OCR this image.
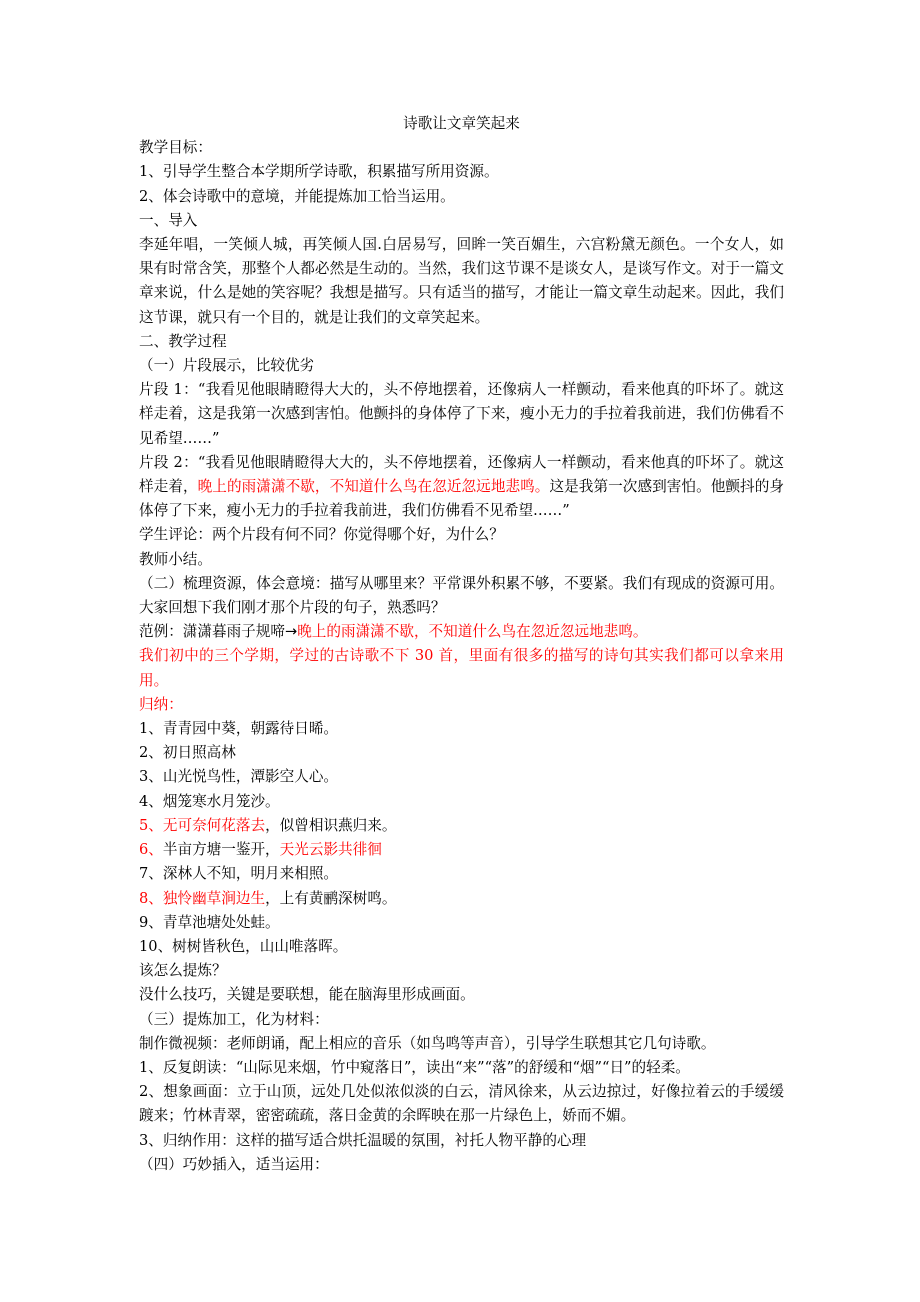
诗歌让文章笑起来

教学目标：

1、引导学生整合本学期所学诗歌，积累描写所用资源。

2、体会诗歌中的意境，并能提炼加工恰当运用。

一、导入

李延年唱，一笑倾人城，再笑倾人国.白居易写，回眸一笑百媚生，六宫粉黛无颜色。一个女人，如果有时常含笑，那整个人都必然是生动的。当然，我们这节课不是谈女人，是谈写作文。对于一篇文章来说，什么是她的笑容呢？我想是描写。只有适当的描写，才能让一篇文章生动起来。因此，我们这节课，就只有一个目的，就是让我们的文章笑起来。

二、教学过程

（一）片段展示，比较优劣

片段 1：“我看见他眼睛瞪得大大的，头不停地摆着，还像病人一样颤动，看来他真的吓坏了。就这样走着，这是我第一次感到害怕。他颤抖的身体停了下来，瘦小无力的手拉着我前进，我们仿佛看不见希望……”

片段 2：“我看见他眼睛瞪得大大的，头不停地摆着，还像病人一样颤动，看来他真的吓坏了。就这样走着，晚上的雨潇潇不歇，不知道什么鸟在忽近忽远地悲鸣。这是我第一次感到害怕。他颤抖的身体停了下来，瘦小无力的手拉着我前进，我们仿佛看不见希望……”

学生评论：两个片段有何不同？你觉得哪个好，为什么？

教师小结。

（二）梳理资源，体会意境：描写从哪里来？平常课外积累不够，不要紧。我们有现成的资源可用。大家回想下我们刚才那个片段的句子，熟悉吗？

范例：潇潇暮雨子规啼→晚上的雨潇潇不歇，不知道什么鸟在忽近忽远地悲鸣。

我们初中的三个学期，学过的古诗歌不下 30 首，里面有很多的描写的诗句其实我们都可以拿来用用。

归纳：

1、青青园中葵，朝露待日晞。

2、初日照高林

3、山光悦鸟性，潭影空人心。

4、烟笼寒水月笼沙。

5、无可奈何花落去，似曾相识燕归来。

6、半亩方塘一鉴开，天光云影共徘徊

7、深林人不知，明月来相照。

8、独怜幽草涧边生，上有黄鹂深树鸣。

9、青草池塘处处蛙。

10、树树皆秋色，山山唯落晖。

该怎么提炼？

没什么技巧，关键是要联想，能在脑海里形成画面。

（三）提炼加工，化为材料：

制作微视频：老师朗诵，配上相应的音乐（如鸟鸣等声音），引导学生联想其它几句诗歌。

1、反复朗读：“山际见来烟，竹中窥落日”，读出“来”“落”的舒缓和“烟”“日”的轻柔。

2、想象画面：立于山顶，远处几处似浓似淡的白云，清风徐来，从云边掠过，好像拉着云的手缓缓踱来；竹林青翠，密密疏疏，落日金黄的余晖映在那一片绿色上，娇而不媚。

3、归纳作用：这样的描写适合烘托温暖的氛围，衬托人物平静的心理

（四）巧妙插入，适当运用：
